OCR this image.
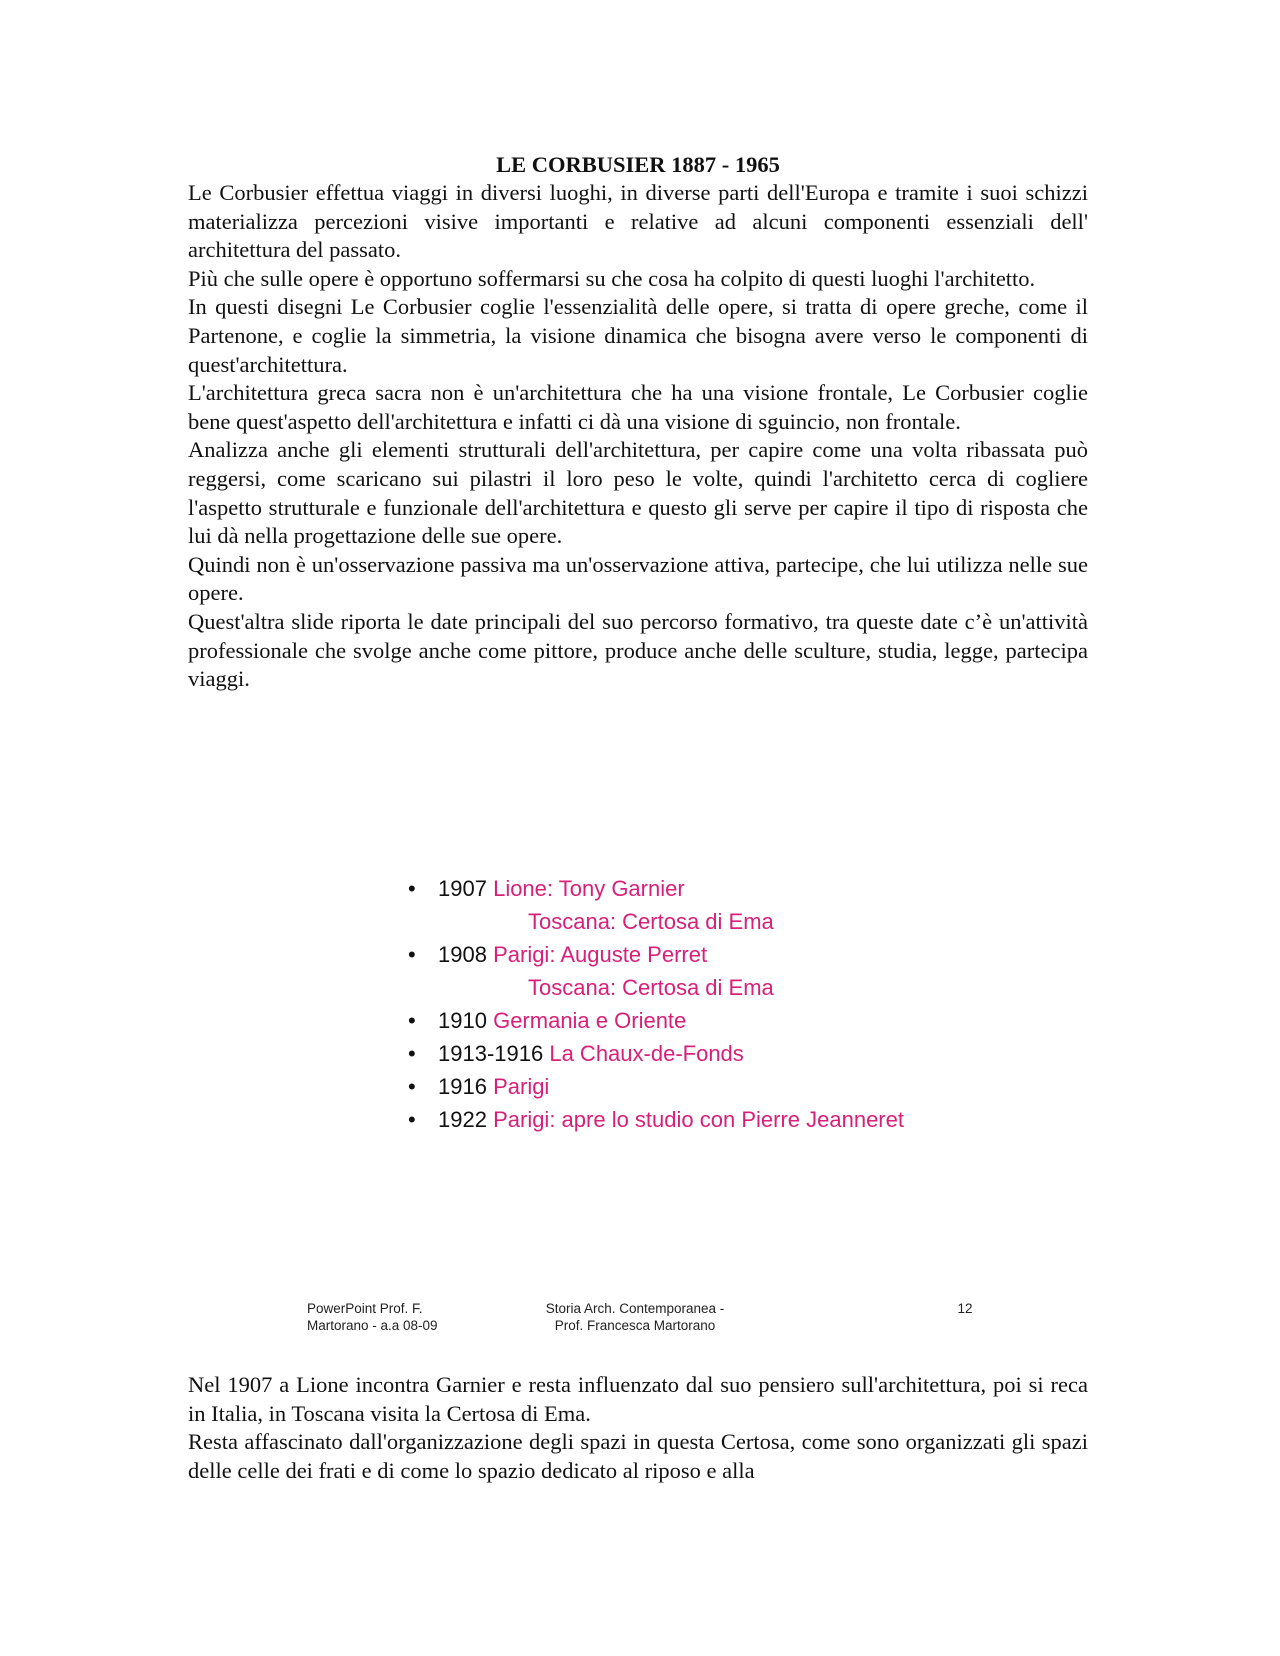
LE CORBUSIER 1887 - 1965

Le Corbusier effettua viaggi in diversi luoghi, in diverse parti dell'Europa e tramite i suoi schizzi materializza percezioni visive importanti e relative ad alcuni componenti essenziali dell' architettura del passato.

Più che sulle opere è opportuno soffermarsi su che cosa ha colpito di questi luoghi l'architetto.

In questi disegni Le Corbusier coglie l'essenzialità delle opere, si tratta di opere greche, come il Partenone, e coglie la simmetria, la visione dinamica che bisogna avere verso le componenti di quest'architettura.

L'architettura greca sacra non è un'architettura che ha una visione frontale, Le Corbusier coglie bene quest'aspetto dell'architettura e infatti ci dà una visione di sguincio, non frontale.

Analizza anche gli elementi strutturali dell'architettura, per capire come una volta ribassata può reggersi, come scaricano sui pilastri il loro peso le volte, quindi l'architetto cerca di cogliere l'aspetto strutturale e funzionale dell'architettura e questo gli serve per capire il tipo di risposta che lui dà nella progettazione delle sue opere.

Quindi non è un'osservazione passiva ma un'osservazione attiva, partecipe, che lui utilizza nelle sue opere.

Quest'altra slide riporta le date principali del suo percorso formativo, tra queste date c’è un'attività professionale che svolge anche come pittore, produce anche delle sculture, studia, legge, partecipa viaggi.

• 1907 Lione: Tony Garnier
Toscana: Certosa di Ema
• 1908 Parigi: Auguste Perret
Toscana: Certosa di Ema
• 1910 Germania e Oriente
• 1913-1916 La Chaux-de-Fonds
• 1916 Parigi
• 1922 Parigi: apre lo studio con Pierre Jeanneret
PowerPoint Prof. F.
Martorano - a.a 08-09
Storia Arch. Contemporanea -
Prof. Francesca Martorano
12

Nel 1907 a Lione incontra Garnier e resta influenzato dal suo pensiero sull'architettura, poi si reca in Italia, in Toscana visita la Certosa di Ema.

Resta affascinato dall'organizzazione degli spazi in questa Certosa, come sono organizzati gli spazi delle celle dei frati e di come lo spazio dedicato al riposo e alla
